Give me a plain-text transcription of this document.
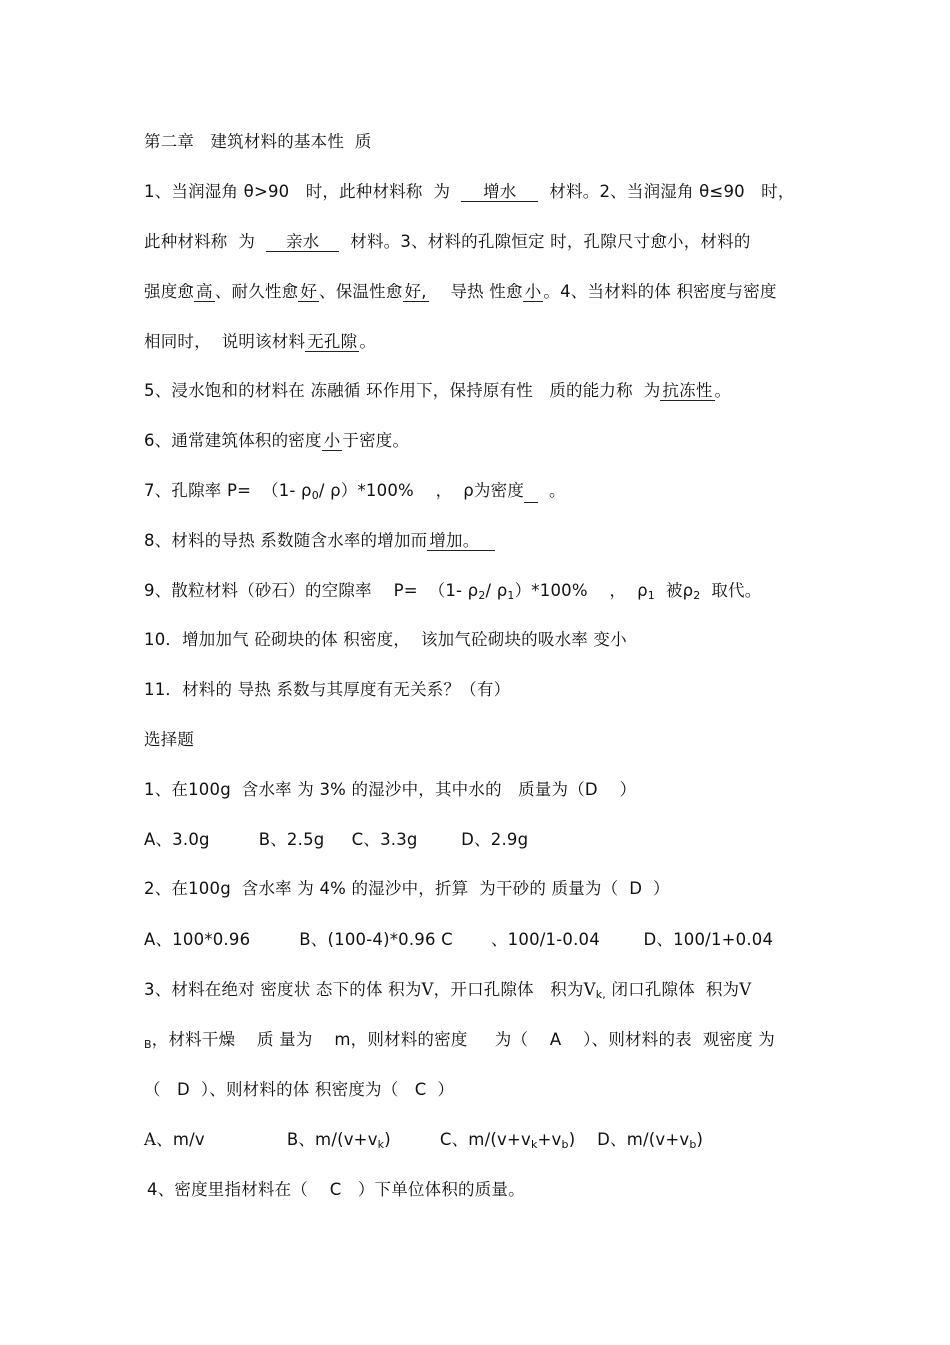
第二章   建筑材料的基本性  质
1、当润湿角 θ>90   时，此种材料称  为 增水 材料。2、当润湿角 θ≤90   时，
此种材料称  为 亲水 材料。3、材料的孔隙恒定 时，孔隙尺寸愈小，材料的
强度愈 高 、耐久性愈 好 、保温性愈 好, 导热 性愈 小 。4、当材料的体 积密度与密度
相同时，  说明该材料 无孔隙 。
5、浸水饱和的材料在 冻融循 环作用下，保持原有性   质的能力称  为 抗冻性 。
6、通常建筑体积的密度 小 于密度。
7、孔隙率 P=  （1- $\rho_0/$ ρ）*100%    ，  ρ为密度 。
8、材料的导热 系数随含水率的增加而 增加。
9、散粒材料（砂石）的空隙率    P=  （1- $\rho_2/$ $\rho_1)*100\%$    ，  $\rho_1$  被$\rho_2$  取代。
10．增加加气 砼砌块的体 积密度，  该加气砼砌块的吸水率 变小
11．材料的 导热 系数与其厚度有无关系？（有）
选择题
1、在100g  含水率 为 3% 的湿沙中，其中水的   质量为（D    ）
A、3.0g         B、2.5g     C、3.3g        D、2.9g
2、在100g  含水率 为 4% 的湿沙中，折算  为干砂的 质量为（  D  ）
A、100*0.96         B、(100-4)*0.96 C       、100/1-0.04        D、100/1+0.04
3、材料在绝对 密度状 态下的体 积为V，开口孔隙体   积为$V_{k,}$ 闭口孔隙体  积为V
$_B$，材料干燥    质 量为    m，则材料的密度     为（    A    ）、则材料的表  观密度 为
（   D  ）、则材料的体 积密度为（   C  ）
A、m/v	B、$m/(v+v_k)$         C、$m/(v+v_k+v_b)$    D、$m/(v+v_b)$
4、密度里指材料在（    C   ）下单位体积的质量。
